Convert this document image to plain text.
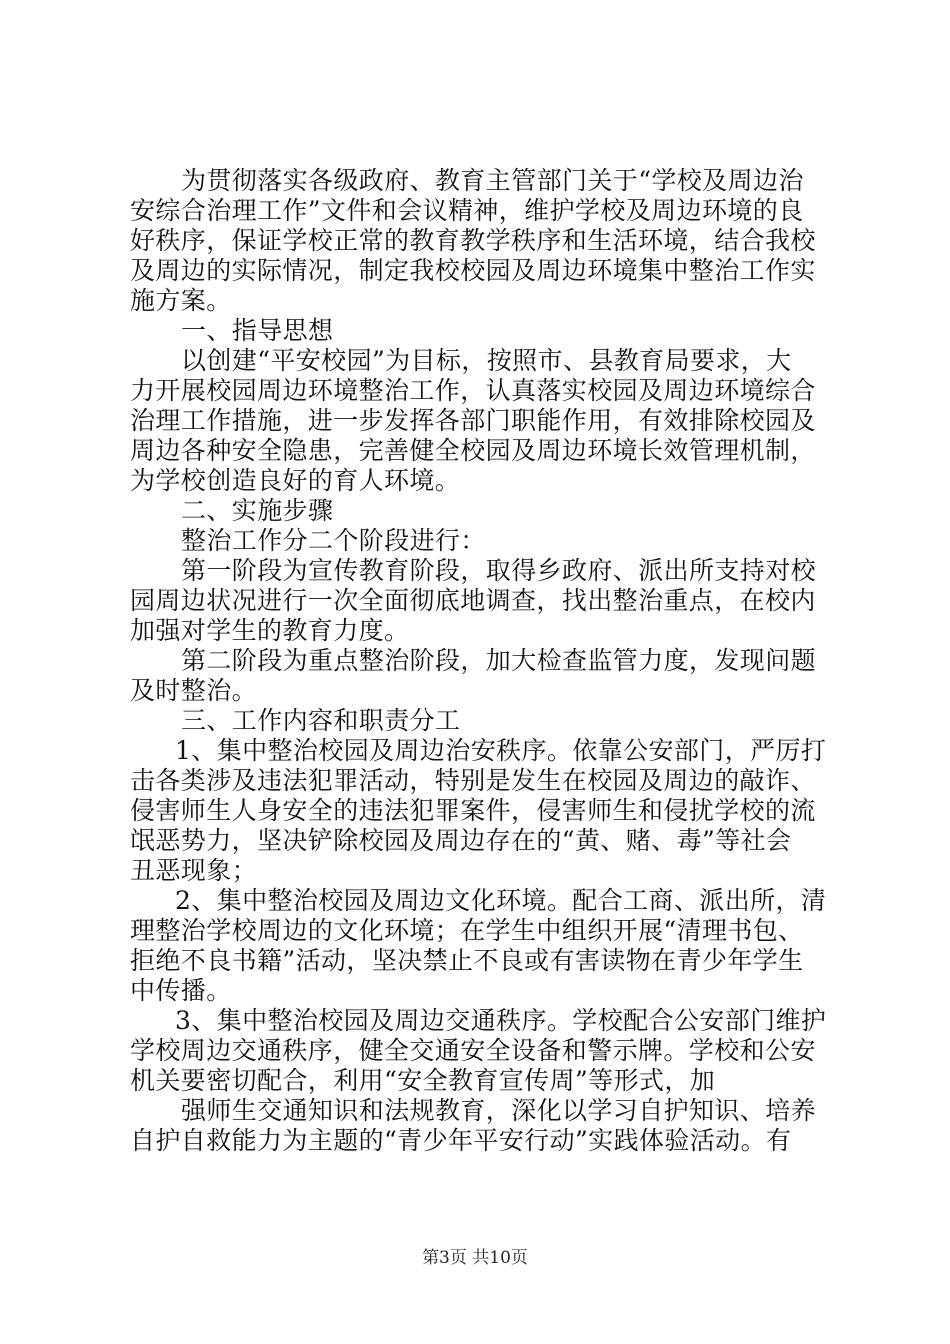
为贯彻落实各级政府、教育主管部门关于“学校及周边治
安综合治理工作”文件和会议精神，维护学校及周边环境的良
好秩序，保证学校正常的教育教学秩序和生活环境，结合我校
及周边的实际情况，制定我校校园及周边环境集中整治工作实
施方案。
一、指导思想
以创建“平安校园”为目标，按照市、县教育局要求，大
力开展校园周边环境整治工作，认真落实校园及周边环境综合
治理工作措施，进一步发挥各部门职能作用，有效排除校园及
周边各种安全隐患，完善健全校园及周边环境长效管理机制，
为学校创造良好的育人环境。
二、实施步骤
整治工作分二个阶段进行：
第一阶段为宣传教育阶段，取得乡政府、派出所支持对校
园周边状况进行一次全面彻底地调查，找出整治重点，在校内
加强对学生的教育力度。
第二阶段为重点整治阶段，加大检查监管力度，发现问题
及时整治。
三、工作内容和职责分工
1、集中整治校园及周边治安秩序。依靠公安部门，严厉打
击各类涉及违法犯罪活动，特别是发生在校园及周边的敲诈、
侵害师生人身安全的违法犯罪案件，侵害师生和侵扰学校的流
氓恶势力，坚决铲除校园及周边存在的“黄、赌、毒”等社会
丑恶现象；
2、集中整治校园及周边文化环境。配合工商、派出所，清
理整治学校周边的文化环境；在学生中组织开展“清理书包、
拒绝不良书籍”活动，坚决禁止不良或有害读物在青少年学生
中传播。
3、集中整治校园及周边交通秩序。学校配合公安部门维护
学校周边交通秩序，健全交通安全设备和警示牌。学校和公安
机关要密切配合，利用“安全教育宣传周”等形式，加
强师生交通知识和法规教育，深化以学习自护知识、培养
自护自救能力为主题的“青少年平安行动”实践体验活动。有
第3页 共10页
